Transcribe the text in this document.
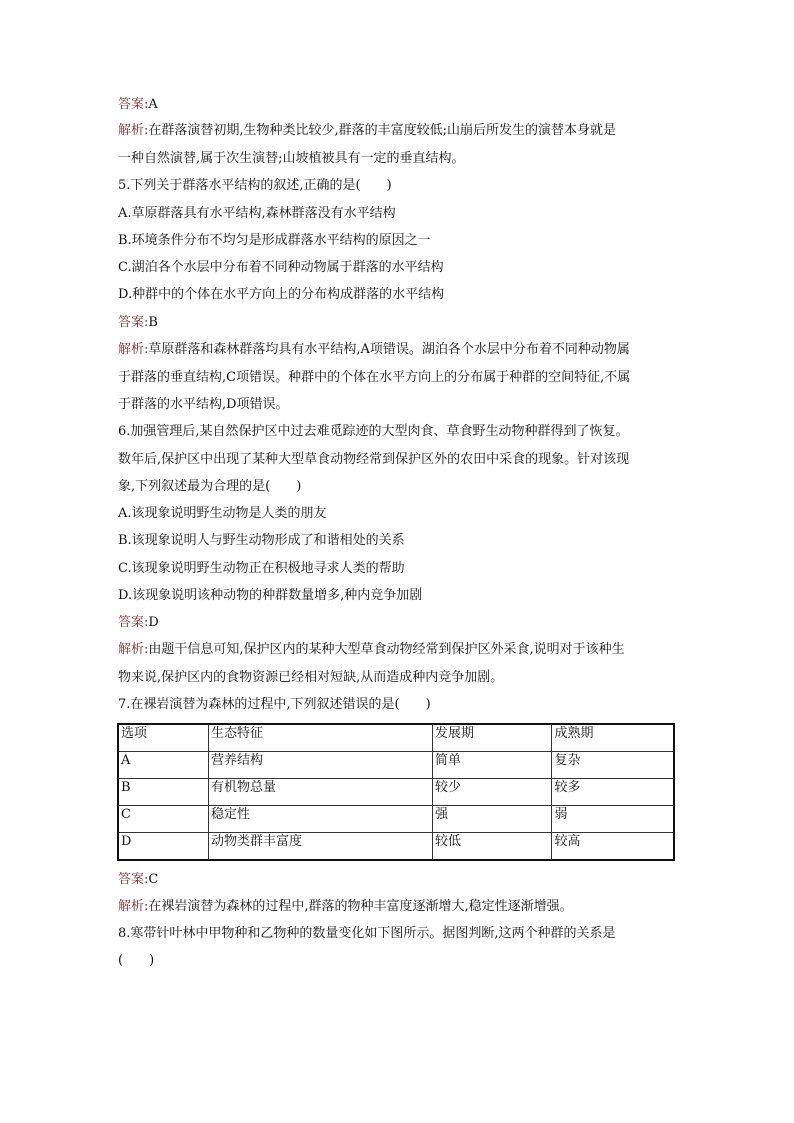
答案:A
解析:在群落演替初期,生物种类比较少,群落的丰富度较低;山崩后所发生的演替本身就是
一种自然演替,属于次生演替;山坡植被具有一定的垂直结构。
5.下列关于群落水平结构的叙述,正确的是(　　)
A.草原群落具有水平结构,森林群落没有水平结构
B.环境条件分布不均匀是形成群落水平结构的原因之一
C.湖泊各个水层中分布着不同种动物属于群落的水平结构
D.种群中的个体在水平方向上的分布构成群落的水平结构
答案:B
解析:草原群落和森林群落均具有水平结构,A项错误。湖泊各个水层中分布着不同种动物属
于群落的垂直结构,C项错误。种群中的个体在水平方向上的分布属于种群的空间特征,不属
于群落的水平结构,D项错误。
6.加强管理后,某自然保护区中过去难觅踪迹的大型肉食、草食野生动物种群得到了恢复。
数年后,保护区中出现了某种大型草食动物经常到保护区外的农田中采食的现象。针对该现
象,下列叙述最为合理的是(　　)
A.该现象说明野生动物是人类的朋友
B.该现象说明人与野生动物形成了和谐相处的关系
C.该现象说明野生动物正在积极地寻求人类的帮助
D.该现象说明该种动物的种群数量增多,种内竞争加剧
答案:D
解析:由题干信息可知,保护区内的某种大型草食动物经常到保护区外采食,说明对于该种生
物来说,保护区内的食物资源已经相对短缺,从而造成种内竞争加剧。
7.在裸岩演替为森林的过程中,下列叙述错误的是(　　)
选项	生态特征	发展期	成熟期
A	营养结构	简单	复杂
B	有机物总量	较少	较多
C	稳定性	强	弱
D	动物类群丰富度	较低	较高
答案:C
解析:在裸岩演替为森林的过程中,群落的物种丰富度逐渐增大,稳定性逐渐增强。
8.寒带针叶林中甲物种和乙物种的数量变化如下图所示。据图判断,这两个种群的关系是
(　　)
